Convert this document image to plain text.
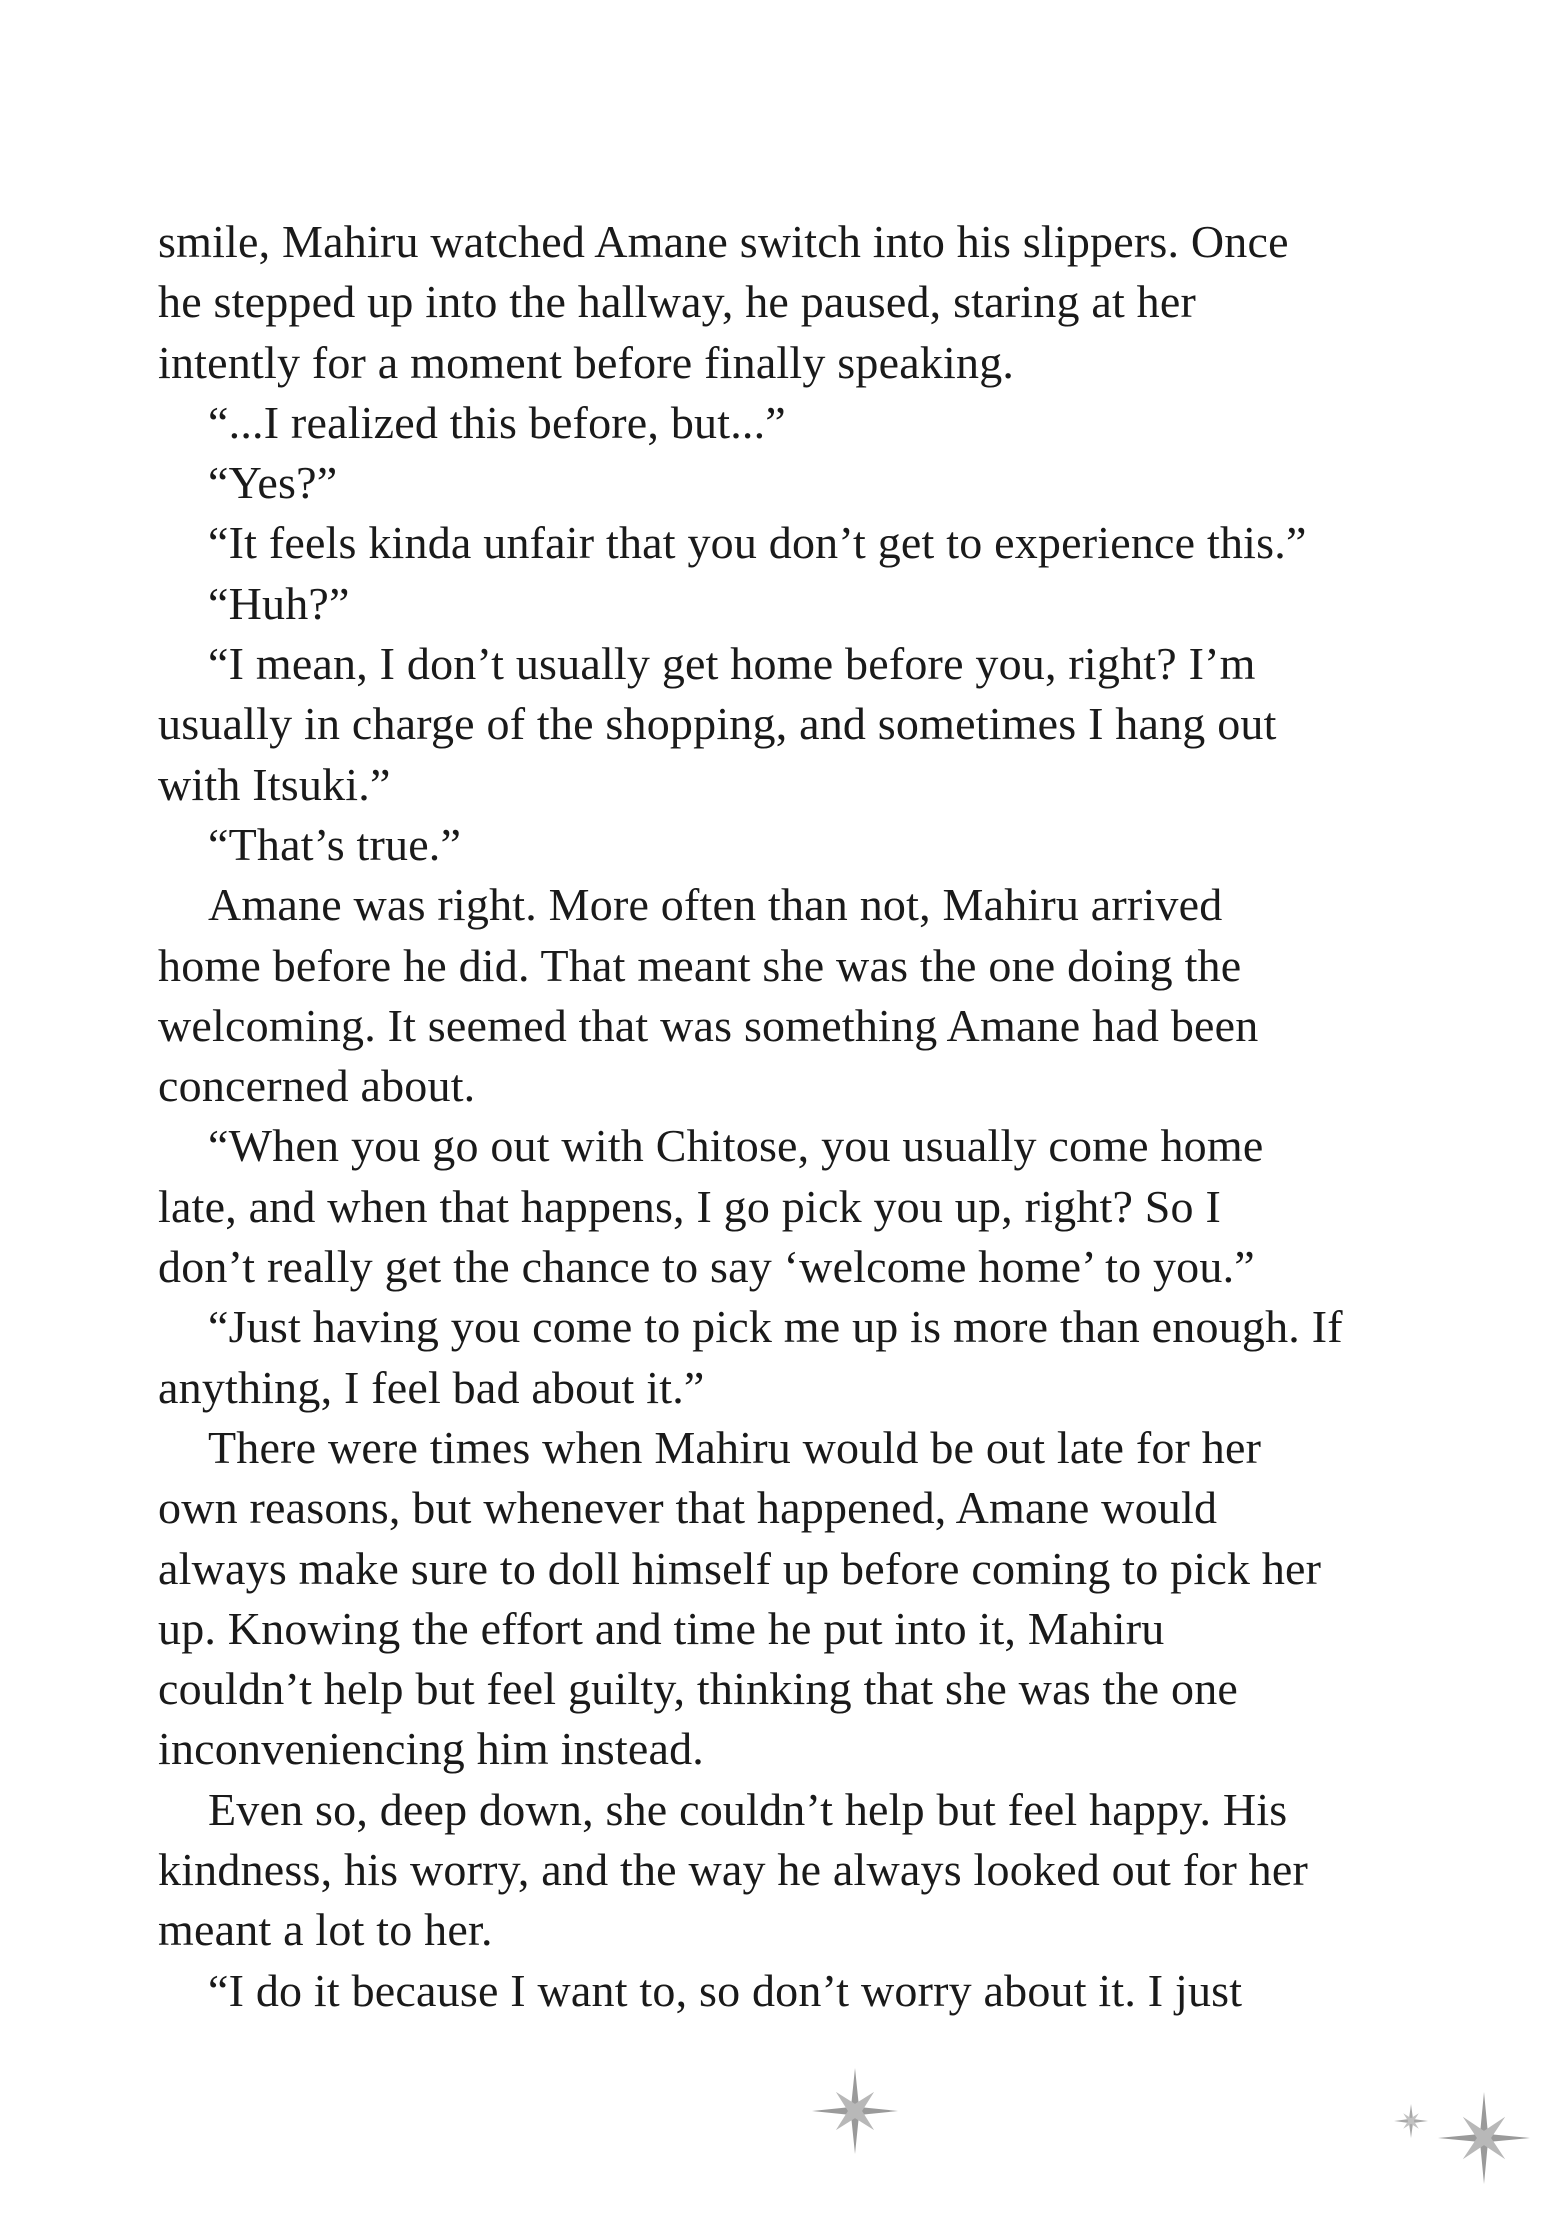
smile, Mahiru watched Amane switch into his slippers. Once
he stepped up into the hallway, he paused, staring at her
intently for a moment before finally speaking.
“...I realized this before, but...”
“Yes?”
“It feels kinda unfair that you don’t get to experience this.”
“Huh?”
“I mean, I don’t usually get home before you, right? I’m
usually in charge of the shopping, and sometimes I hang out
with Itsuki.”
“That’s true.”
Amane was right. More often than not, Mahiru arrived
home before he did. That meant she was the one doing the
welcoming. It seemed that was something Amane had been
concerned about.
“When you go out with Chitose, you usually come home
late, and when that happens, I go pick you up, right? So I
don’t really get the chance to say ‘welcome home’ to you.”
“Just having you come to pick me up is more than enough. If
anything, I feel bad about it.”
There were times when Mahiru would be out late for her
own reasons, but whenever that happened, Amane would
always make sure to doll himself up before coming to pick her
up. Knowing the effort and time he put into it, Mahiru
couldn’t help but feel guilty, thinking that she was the one
inconveniencing him instead.
Even so, deep down, she couldn’t help but feel happy. His
kindness, his worry, and the way he always looked out for her
meant a lot to her.
“I do it because I want to, so don’t worry about it. I just
